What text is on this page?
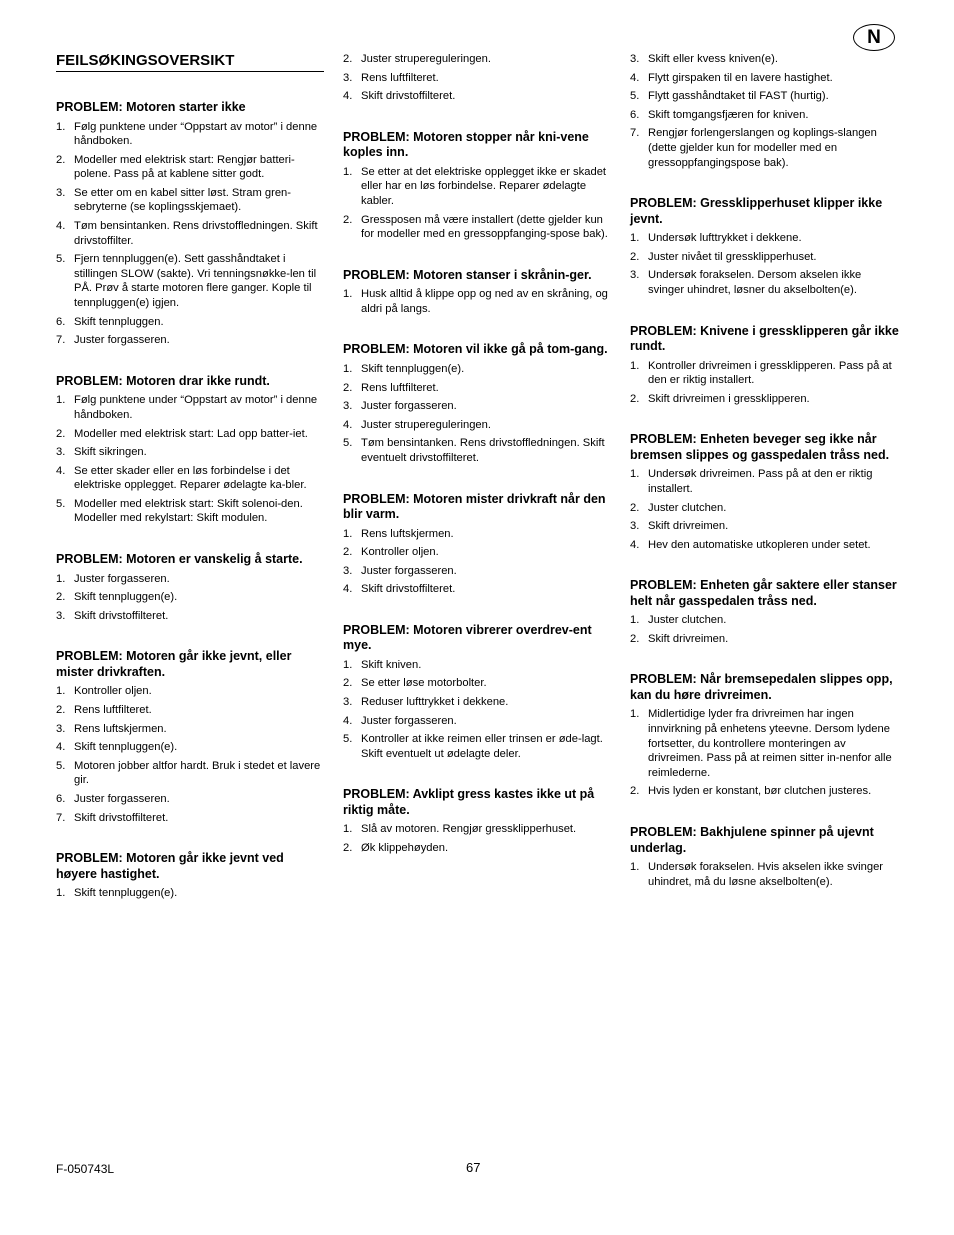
N
FEILSØKINGSOVERSIKT
PROBLEM: Motoren starter ikke
1. Følg punktene under “Oppstart av motor” i denne håndboken.
2. Modeller med elektrisk start: Rengjør batteri-polene. Pass på at kablene sitter godt.
3. Se etter om en kabel sitter løst. Stram gren-sebryterne (se koplingsskjemaet).
4. Tøm bensintanken. Rens drivstoffledningen. Skift drivstoffilter.
5. Fjern tennpluggen(e). Sett gasshåndtaket i stillingen SLOW (sakte). Vri tenningsnøkke-len til PÅ. Prøv å starte motoren flere ganger. Kople til tennpluggen(e) igjen.
6. Skift tennpluggen.
7. Juster forgasseren.
PROBLEM: Motoren drar ikke rundt.
1. Følg punktene under “Oppstart av motor” i denne håndboken.
2. Modeller med elektrisk start: Lad opp batter-iet.
3. Skift sikringen.
4. Se etter skader eller en løs forbindelse i det elektriske opplegget. Reparer ødelagte ka-bler.
5. Modeller med elektrisk start: Skift solenoi-den. Modeller med rekylstart: Skift modulen.
PROBLEM: Motoren er vanskelig å starte.
1. Juster forgasseren.
2. Skift tennpluggen(e).
3. Skift drivstoffilteret.
PROBLEM: Motoren går ikke jevnt, eller mister drivkraften.
1. Kontroller oljen.
2. Rens luftfilteret.
3. Rens luftskjermen.
4. Skift tennpluggen(e).
5. Motoren jobber altfor hardt. Bruk i stedet et lavere gir.
6. Juster forgasseren.
7. Skift drivstoffilteret.
PROBLEM: Motoren går ikke jevnt ved høyere hastighet.
1. Skift tennpluggen(e).
2. Juster strupereguleringen.
3. Rens luftfilteret.
4. Skift drivstoffilteret.
PROBLEM: Motoren stopper når kni-vene koples inn.
1. Se etter at det elektriske opplegget ikke er skadet eller har en løs forbindelse. Reparer ødelagte kabler.
2. Gressposen må være installert (dette gjelder kun for modeller med en gressoppfanging-spose bak).
PROBLEM: Motoren stanser i skrånin-ger.
1. Husk alltid å klippe opp og ned av en skråning, og aldri på langs.
PROBLEM: Motoren vil ikke gå på tom-gang.
1. Skift tennpluggen(e).
2. Rens luftfilteret.
3. Juster forgasseren.
4. Juster strupereguleringen.
5. Tøm bensintanken. Rens drivstoffledningen. Skift eventuelt drivstoffilteret.
PROBLEM: Motoren mister drivkraft når den blir varm.
1. Rens luftskjermen.
2. Kontroller oljen.
3. Juster forgasseren.
4. Skift drivstoffilteret.
PROBLEM: Motoren vibrerer overdrev-ent mye.
1. Skift kniven.
2. Se etter løse motorbolter.
3. Reduser lufttrykket i dekkene.
4. Juster forgasseren.
5. Kontroller at ikke reimen eller trinsen er øde-lagt. Skift eventuelt ut ødelagte deler.
PROBLEM: Avklipt gress kastes ikke ut på riktig måte.
1. Slå av motoren. Rengjør gressklipperhuset.
2. Øk klippehøyden.
3. Skift eller kvess kniven(e).
4. Flytt girspaken til en lavere hastighet.
5. Flytt gasshåndtaket til FAST (hurtig).
6. Skift tomgangsfjæren for kniven.
7. Rengjør forlengerslangen og koplings-slangen (dette gjelder kun for modeller med en gressoppfangingspose bak).
PROBLEM: Gressklipperhuset klipper ikke jevnt.
1. Undersøk lufttrykket i dekkene.
2. Juster nivået til gressklipperhuset.
3. Undersøk forakselen. Dersom akselen ikke svinger uhindret, løsner du akselbolten(e).
PROBLEM: Knivene i gressklipperen går ikke rundt.
1. Kontroller drivreimen i gressklipperen. Pass på at den er riktig installert.
2. Skift drivreimen i gressklipperen.
PROBLEM: Enheten beveger seg ikke når bremsen slippes og gasspedalen tråss ned.
1. Undersøk drivreimen. Pass på at den er riktig installert.
2. Juster clutchen.
3. Skift drivreimen.
4. Hev den automatiske utkopleren under setet.
PROBLEM: Enheten går saktere eller stanser helt når gasspedalen tråss ned.
1. Juster clutchen.
2. Skift drivreimen.
PROBLEM: Når bremsepedalen slippes opp, kan du høre drivreimen.
1. Midlertidige lyder fra drivreimen har ingen innvirkning på enhetens yteevne. Dersom lydene fortsetter, du kontrollere monteringen av drivreimen. Pass på at reimen sitter in-nenfor alle reimlederne.
2. Hvis lyden er konstant, bør clutchen justeres.
PROBLEM: Bakhjulene spinner på ujevnt underlag.
1. Undersøk forakselen. Hvis akselen ikke svinger uhindret, må du løsne akselbolten(e).
F-050743L	67
